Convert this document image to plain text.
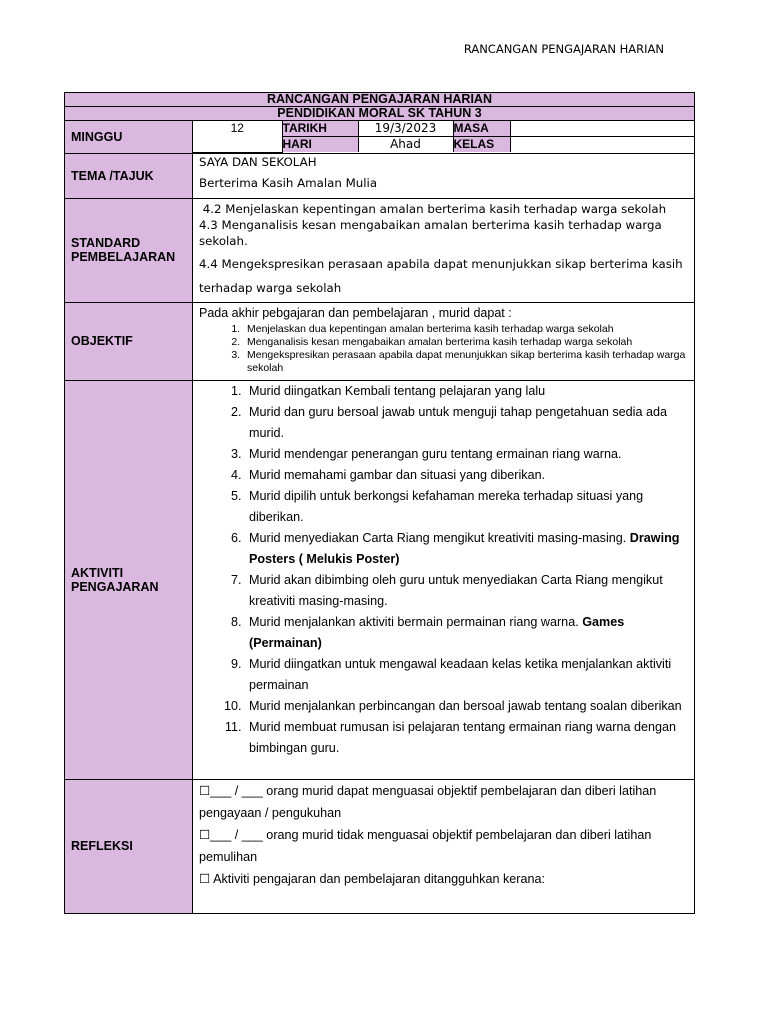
RANCANGAN PENGAJARAN HARIAN
RANCANGAN PENGAJARAN HARIAN
PENDIDIKAN MORAL SK TAHUN 3
MINGGU	
12	TARIKH	19/3/2023	MASA	
HARI	Ahad	KELAS	

TEMA /TAJUK	
SAYA DAN SEKOLAH
Berterima Kasih Amalan Mulia

STANDARD PEMBELAJARAN	

4.2 Menjelaskan kepentingan amalan berterima kasih terhadap warga sekolah

4.3 Menganalisis kesan mengabaikan amalan berterima kasih terhadap warga sekolah.

4.4 Mengekspresikan perasaan apabila dapat menunjukkan sikap berterima kasih terhadap warga sekolah

OBJEKTIF	

Pada akhir pebgajaran dan pembelajaran , murid dapat :

1. Menjelaskan dua kepentingan amalan berterima kasih terhadap warga sekolah
2. Menganalisis kesan mengabaikan amalan berterima kasih terhadap warga sekolah
3. Mengekspresikan perasaan apabila dapat menunjukkan sikap berterima kasih terhadap warga sekolah

AKTIVITI PENGAJARAN	
1. Murid diingatkan Kembali tentang pelajaran yang lalu
2. Murid dan guru bersoal jawab untuk menguji tahap pengetahuan sedia ada murid.
3. Murid mendengar penerangan guru tentang ermainan riang warna.
4. Murid memahami gambar dan situasi yang diberikan.
5. Murid dipilih untuk berkongsi kefahaman mereka terhadap situasi yang diberikan.
6. Murid menyediakan Carta Riang mengikut kreativiti masing-masing. Drawing Posters ( Melukis Poster)
7. Murid akan dibimbing oleh guru untuk menyediakan Carta Riang mengikut kreativiti masing-masing.
8. Murid menjalankan aktiviti bermain permainan riang warna. Games (Permainan)
9. Murid diingatkan untuk mengawal keadaan kelas ketika menjalankan aktiviti permainan
10. Murid menjalankan perbincangan dan bersoal jawab tentang soalan diberikan
11. Murid membuat rumusan isi pelajaran tentang ermainan riang warna dengan bimbingan guru.

REFLEKSI	

☐___ / ___ orang murid dapat menguasai objektif pembelajaran dan diberi latihan pengayaan / pengukuhan

☐___ / ___ orang murid tidak menguasai objektif pembelajaran dan diberi latihan pemulihan

☐ Aktiviti pengajaran dan pembelajaran ditangguhkan kerana:
